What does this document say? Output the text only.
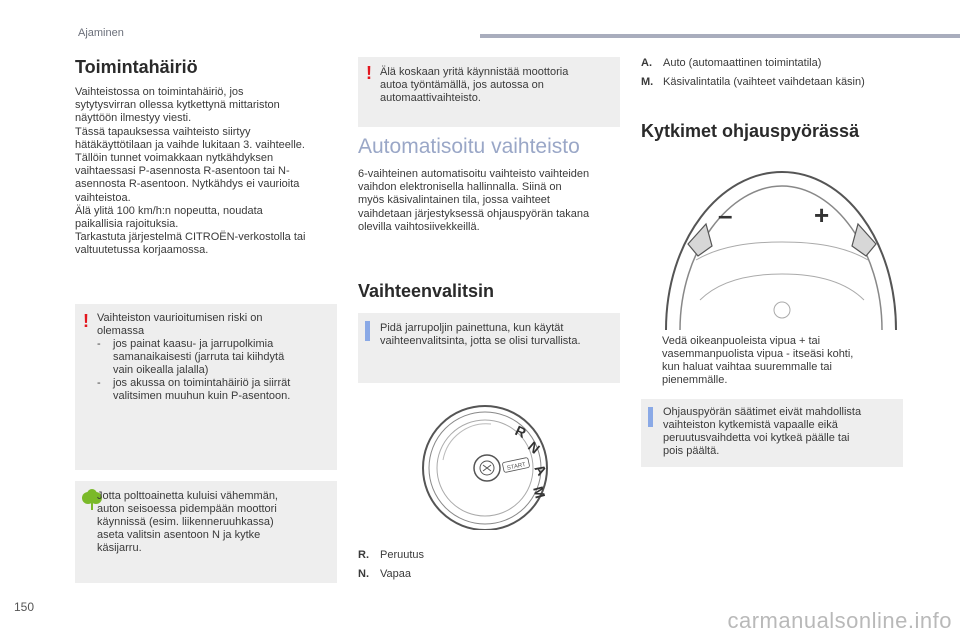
Ajaminen
Toimintahäiriö

Vaihteistossa on toimintahäiriö, jos

sytytysvirran ollessa kytkettynä mittariston

näyttöön ilmestyy viesti.

Tässä tapauksessa vaihteisto siirtyy

hätäkäyttötilaan ja vaihde lukitaan 3. vaihteelle.

Tällöin tunnet voimakkaan nytkähdyksen

vaihtaessasi P-asennosta R-asentoon tai N-

asennosta R-asentoon. Nytkähdys ei vaurioita

vaihteistoa.

Älä ylitä 100 km/h:n nopeutta, noudata

paikallisia rajoituksia.

Tarkastuta järjestelmä CITROËN-verkostolla tai

valtuutetussa korjaamossa.

! Vaihteiston vaurioitumisen riski on
olemassa
- jos painat kaasu- ja jarrupolkimia
samanaikaisesti (jarruta tai kiihdytä
vain oikealla jalalla)
- jos akussa on toimintahäiriö ja siirrät
valitsimen muuhun kuin P-asentoon.
Jotta polttoainetta kuluisi vähemmän,
auton seisoessa pidempään moottori
käynnissä (esim. liikenneruuhkassa)
aseta valitsin asentoon N ja kytke
käsijarru.
! Älä koskaan yritä käynnistää moottoria
autoa työntämällä, jos autossa on
automaattivaihteisto.
Automatisoitu vaihteisto

6-vaihteinen automatisoitu vaihteisto vaihteiden

vaihdon elektronisella hallinnalla. Siinä on

myös käsivalintainen tila, jossa vaihteet

vaihdetaan järjestyksessä ohjauspyörän takana

olevilla vaihtosiivekkeillä.

Vaihteenvalitsin
Pidä jarrupoljin painettuna, kun käytät
vaihteenvalitsinta, jotta se olisi turvallista.
START
R
N
A
M
R. Peruutus
N. Vapaa
A. Auto (automaattinen toimintatila)
M. Käsivalintatila (vaihteet vaihdetaan käsin)
Kytkimet ohjauspyörässä
–	+
Vedä oikeanpuoleista vipua + tai
vasemmanpuolista vipua - itseäsi kohti,
kun haluat vaihtaa suuremmalle tai
pienemmälle.
Ohjauspyörän säätimet eivät mahdollista
vaihteiston kytkemistä vapaalle eikä
peruutusvaihdetta voi kytkeä päälle tai
pois päältä.
150
carmanualsonline.info
